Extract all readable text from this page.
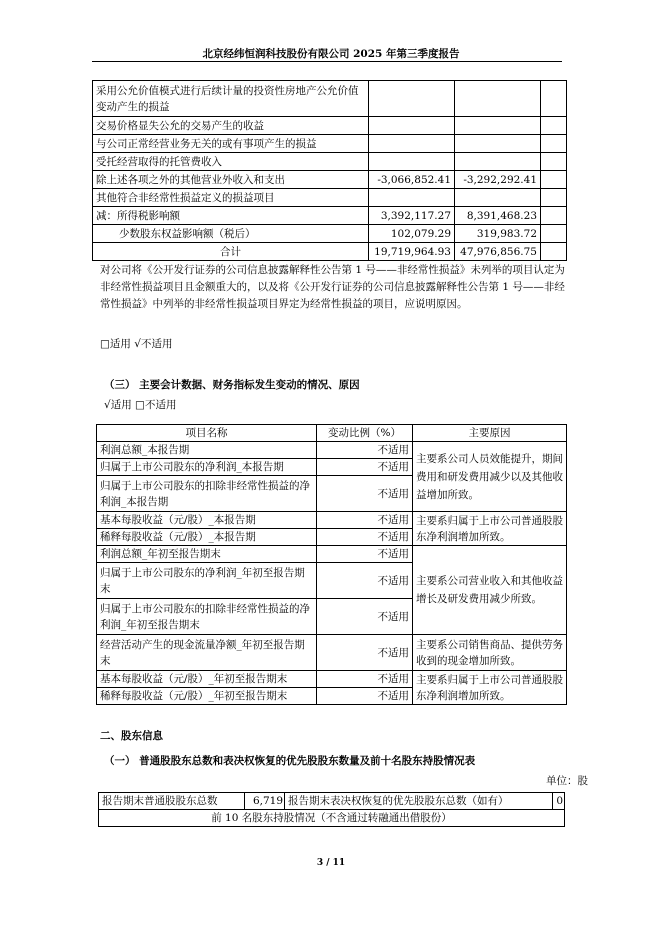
北京经纬恒润科技股份有限公司 2025 年第三季度报告
采用公允价值模式进行后续计量的投资性房地产公允价值变动产生的损益			
交易价格显失公允的交易产生的收益			
与公司正常经营业务无关的或有事项产生的损益			
受托经营取得的托管费收入			
除上述各项之外的其他营业外收入和支出	-3,066,852.41	-3,292,292.41	
其他符合非经常性损益定义的损益项目			
减：所得税影响额	3,392,117.27	8,391,468.23	
少数股东权益影响额（税后）	102,079.29	319,983.72	
合计	19,719,964.93	47,976,856.75	
对公司将《公开发行证券的公司信息披露解释性公告第 1 号——非经常性损益》未列举的项目认定为非经常性损益项目且金额重大的，以及将《公开发行证券的公司信息披露解释性公告第 1 号——非经常性损益》中列举的非经常性损益项目界定为经常性损益的项目，应说明原因。
□适用 √不适用
（三） 主要会计数据、财务指标发生变动的情况、原因
√适用 □不适用
项目名称	变动比例（%）	主要原因
利润总额_本报告期	不适用	主要系公司人员效能提升，期间费用和研发费用减少以及其他收益增加所致。
归属于上市公司股东的净利润_本报告期	不适用	
归属于上市公司股东的扣除非经常性损益的净利润_本报告期	不适用	
基本每股收益（元/股）_本报告期	不适用	主要系归属于上市公司普通股股东净利润增加所致。
稀释每股收益（元/股）_本报告期	不适用	
利润总额_年初至报告期末	不适用	主要系公司营业收入和其他收益增长及研发费用减少所致。
归属于上市公司股东的净利润_年初至报告期末	不适用	
归属于上市公司股东的扣除非经常性损益的净利润_年初至报告期末	不适用	
经营活动产生的现金流量净额_年初至报告期末	不适用	主要系公司销售商品、提供劳务收到的现金增加所致。
基本每股收益（元/股）_年初至报告期末	不适用	主要系归属于上市公司普通股股东净利润增加所致。
稀释每股收益（元/股）_年初至报告期末	不适用	
二、股东信息
（一） 普通股股东总数和表决权恢复的优先股股东数量及前十名股东持股情况表
单位：股
报告期末普通股股东总数	6,719	报告期末表决权恢复的优先股股东总数（如有）	0
前 10 名股东持股情况（不含通过转融通出借股份）
3 / 11
